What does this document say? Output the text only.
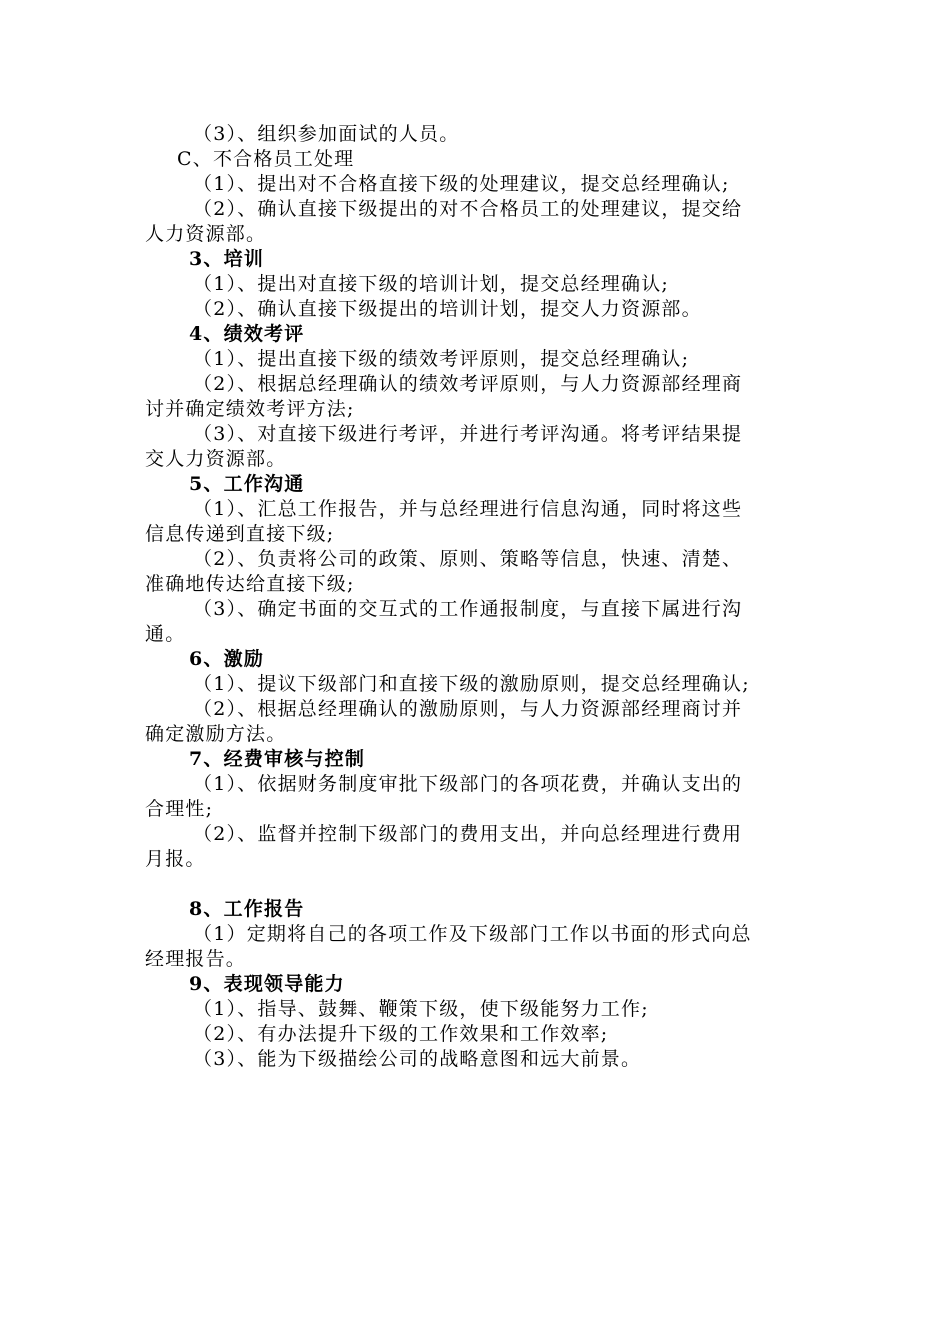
（3）、组织参加面试的人员。
C、不合格员工处理
（1）、提出对不合格直接下级的处理建议，提交总经理确认;
（2）、确认直接下级提出的对不合格员工的处理建议，提交给
人力资源部。
3、培训
（1）、提出对直接下级的培训计划，提交总经理确认;
（2）、确认直接下级提出的培训计划，提交人力资源部。
4、绩效考评
（1）、提出直接下级的绩效考评原则，提交总经理确认;
（2）、根据总经理确认的绩效考评原则，与人力资源部经理商
讨并确定绩效考评方法;
（3）、对直接下级进行考评，并进行考评沟通。将考评结果提
交人力资源部。
5、工作沟通
（1）、汇总工作报告，并与总经理进行信息沟通，同时将这些
信息传递到直接下级;
（2）、负责将公司的政策、原则、策略等信息，快速、清楚、
准确地传达给直接下级;
（3）、确定书面的交互式的工作通报制度，与直接下属进行沟
通。
6、激励
（1）、提议下级部门和直接下级的激励原则，提交总经理确认;
（2）、根据总经理确认的激励原则，与人力资源部经理商讨并
确定激励方法。
7、经费审核与控制
（1）、依据财务制度审批下级部门的各项花费，并确认支出的
合理性;
（2）、监督并控制下级部门的费用支出，并向总经理进行费用
月报。
8、工作报告
（1）定期将自己的各项工作及下级部门工作以书面的形式向总
经理报告。
9、表现领导能力
（1）、指导、鼓舞、鞭策下级，使下级能努力工作;
（2）、有办法提升下级的工作效果和工作效率;
（3）、能为下级描绘公司的战略意图和远大前景。
